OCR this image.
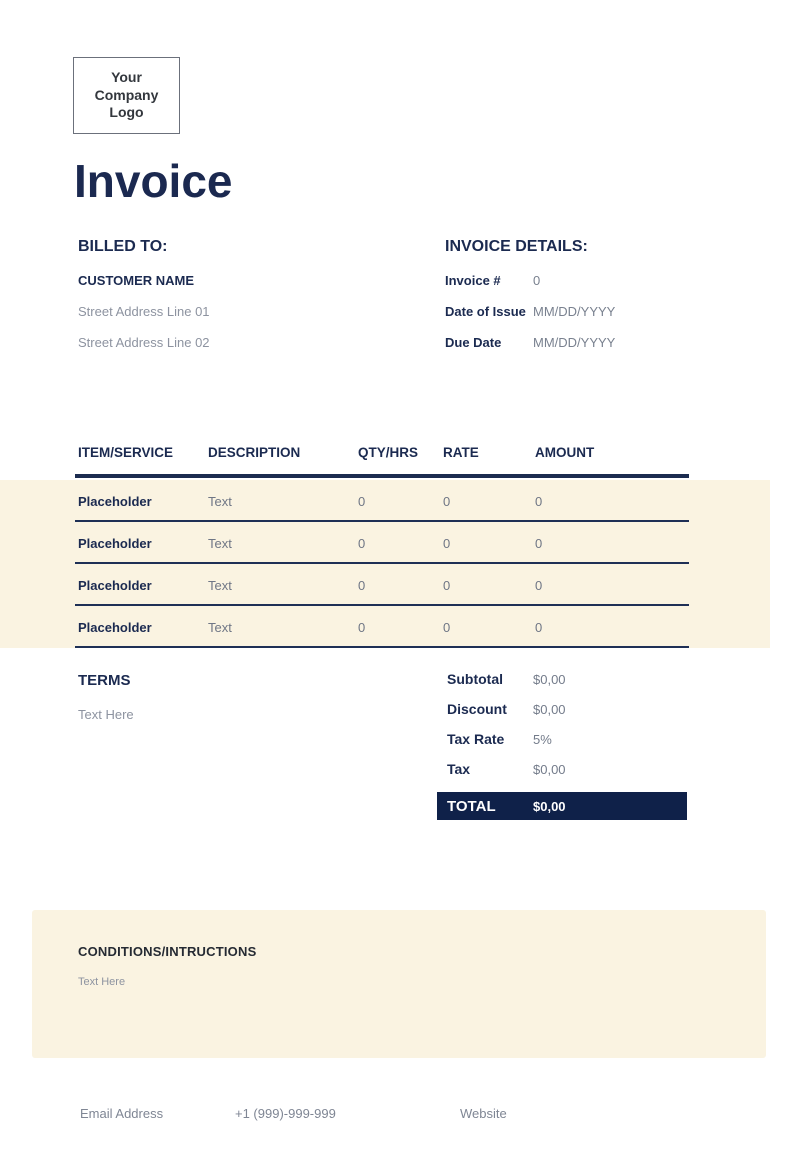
Your Company Logo
Invoice
BILLED TO:
CUSTOMER NAME
Street Address Line 01
Street Address Line 02
INVOICE DETAILS:
Invoice #	0
Date of Issue MM/DD/YYYY
Due Date	MM/DD/YYYY
ITEM/SERVICE	DESCRIPTION	QTY/HRS	RATE	AMOUNT
Placeholder	Text	0	0	0
Placeholder	Text	0	0	0
Placeholder	Text	0	0	0
Placeholder	Text	0	0	0
TERMS
Text Here
Subtotal	$0,00
Discount	$0,00
Tax Rate	5%
Tax	$0,00
TOTAL	$0,00
CONDITIONS/INTRUCTIONS
Text Here
Email Address	+1 (999)-999-999	Website
